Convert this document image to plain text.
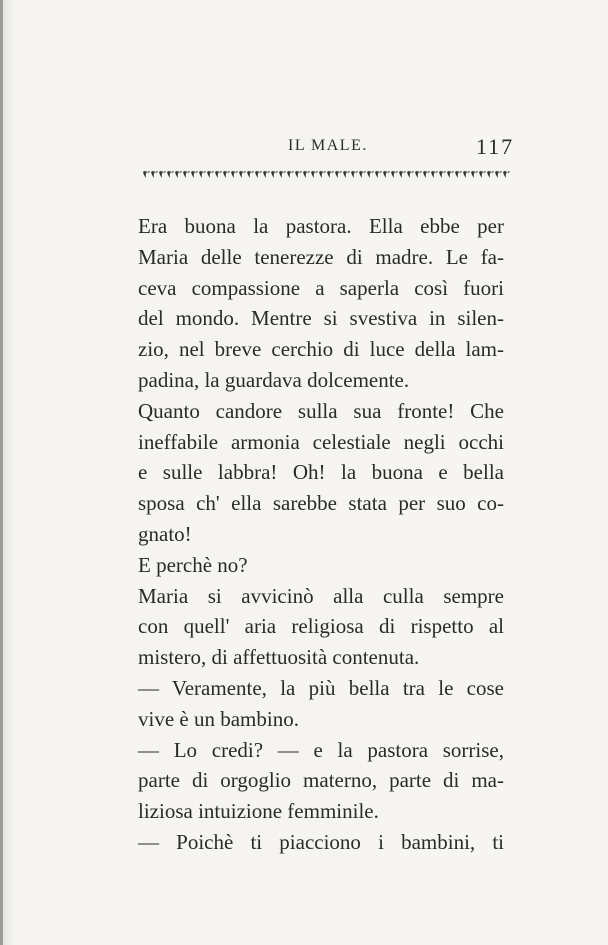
IL MALE.	117
Era buona la pastora. Ella ebbe per
Maria delle tenerezze di madre. Le fa-
ceva compassione a saperla così fuori
del mondo. Mentre si svestiva in silen-
zio, nel breve cerchio di luce della lam-
padina, la guardava dolcemente.
Quanto candore sulla sua fronte! Che
ineffabile armonia celestiale negli occhi
e sulle labbra! Oh! la buona e bella
sposa ch' ella sarebbe stata per suo co-
gnato!
E perchè no?
Maria si avvicinò alla culla sempre
con quell' aria religiosa di rispetto al
mistero, di affettuosità contenuta.
— Veramente, la più bella tra le cose
vive è un bambino.
— Lo credi? — e la pastora sorrise,
parte di orgoglio materno, parte di ma-
liziosa intuizione femminile.
— Poichè ti piacciono i bambini, ti
